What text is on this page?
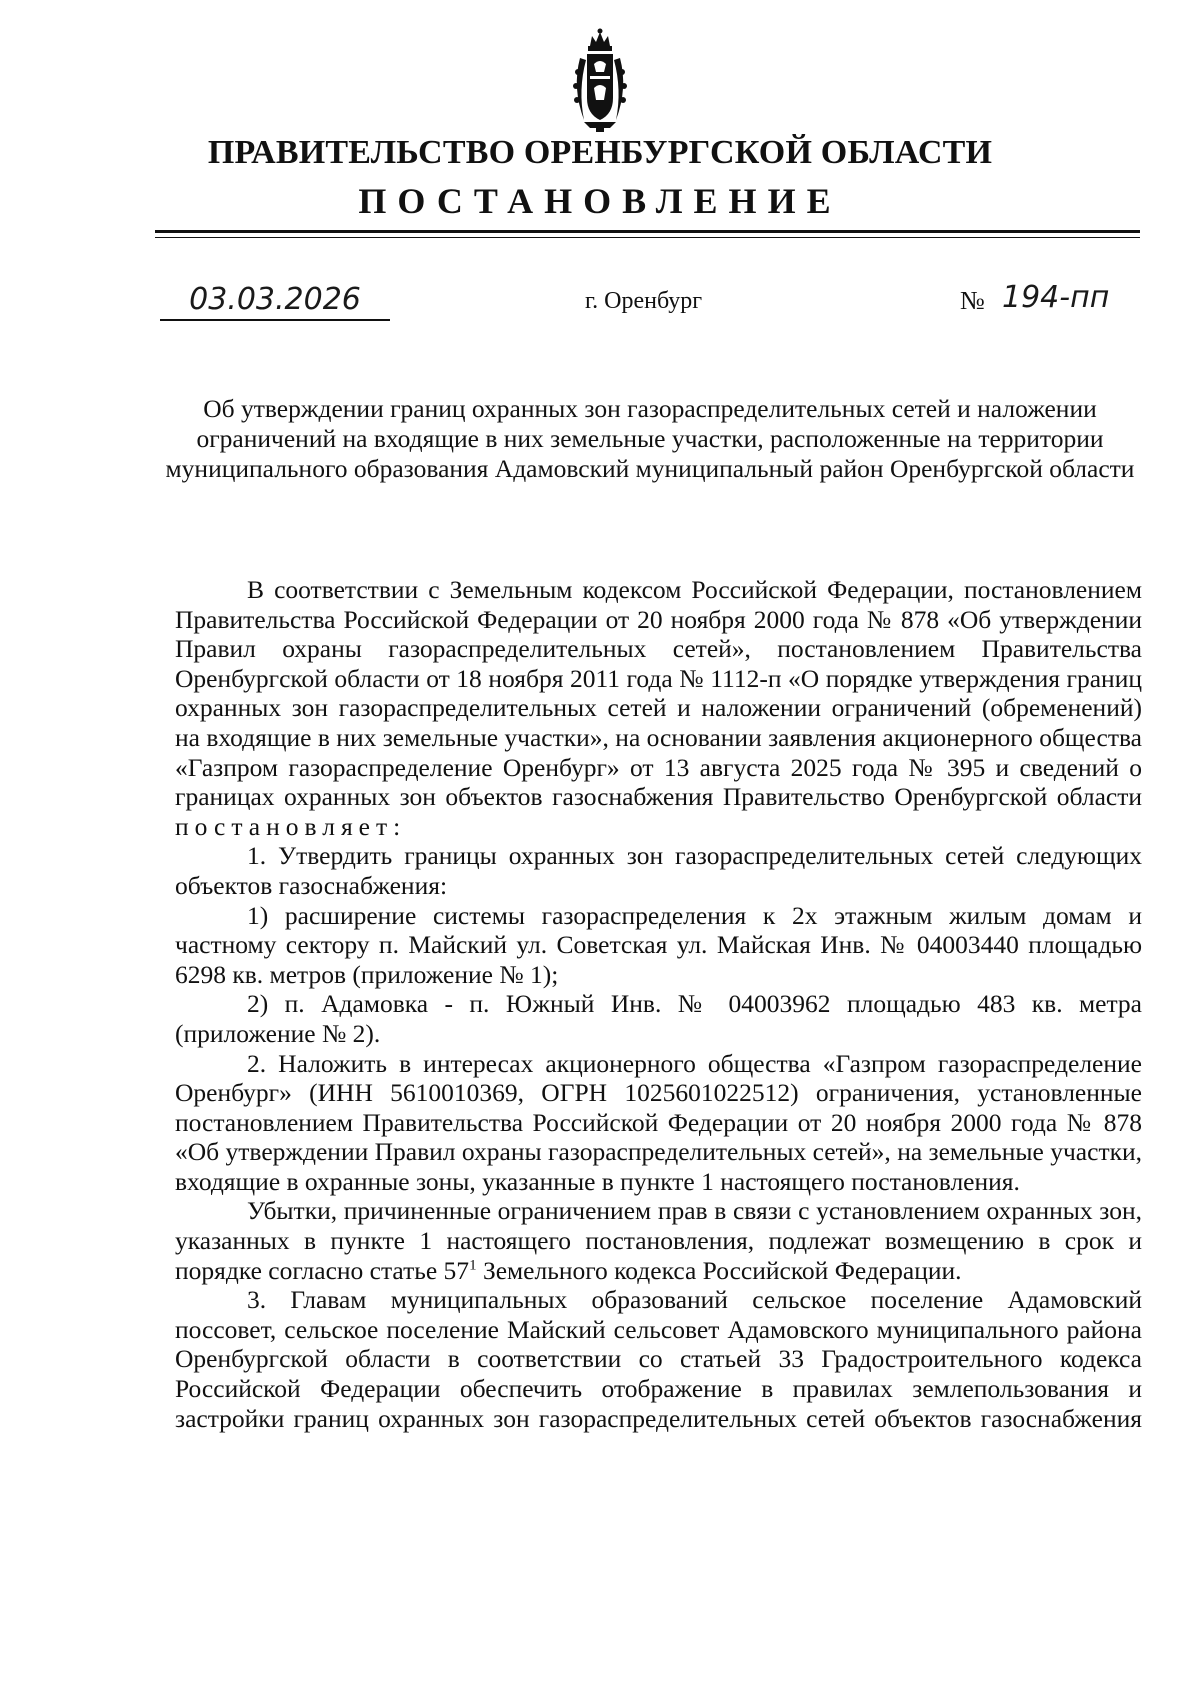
ПРАВИТЕЛЬСТВО ОРЕНБУРГСКОЙ ОБЛАСТИ
ПОСТАНОВЛЕНИЕ
03.03.2026	г. Оренбург	№ 194-пп
Об утверждении границ охранных зон газораспределительных сетей и наложении ограничений на входящие в них земельные участки, расположенные на территории муниципального образования Адамовский муниципальный район Оренбургской области

В соответствии с Земельным кодексом Российской Федерации, постановлением Правительства Российской Федерации от 20 ноября 2000 года № 878 «Об утверждении Правил охраны газораспределительных сетей», постановлением Правительства Оренбургской области от 18 ноября 2011 года № 1112-п «О порядке утверждения границ охранных зон газораспределительных сетей и наложении ограничений (обременений) на входящие в них земельные участки», на основании заявления акционерного общества «Газпром газораспределение Оренбург» от 13 августа 2025 года № 395 и сведений о границах охранных зон объектов газоснабжения Правительство Оренбургской области постановляет:

1. Утвердить границы охранных зон газораспределительных сетей следующих объектов газоснабжения:

1) расширение системы газораспределения к 2х этажным жилым домам и частному сектору п. Майский ул. Советская ул. Майская Инв. № 04003440 площадью 6298 кв. метров (приложение № 1);

2) п. Адамовка - п. Южный Инв. № 04003962 площадью 483 кв. метра (приложение № 2).

2. Наложить в интересах акционерного общества «Газпром газораспределение Оренбург» (ИНН 5610010369, ОГРН 1025601022512) ограничения, установленные постановлением Правительства Российской Федерации от 20 ноября 2000 года № 878 «Об утверждении Правил охраны газораспределительных сетей», на земельные участки, входящие в охранные зоны, указанные в пункте 1 настоящего постановления.

Убытки, причиненные ограничением прав в связи с установлением охранных зон, указанных в пункте 1 настоящего постановления, подлежат возмещению в срок и порядке согласно статье $57^1$ Земельного кодекса Российской Федерации.

3. Главам муниципальных образований сельское поселение Адамовский поссовет, сельское поселение Майский сельсовет Адамовского муниципального района Оренбургской области в соответствии со статьей 33 Градостроительного кодекса Российской Федерации обеспечить отображение в правилах землепользования и застройки границ охранных зон газораспределительных сетей объектов газоснабжения
